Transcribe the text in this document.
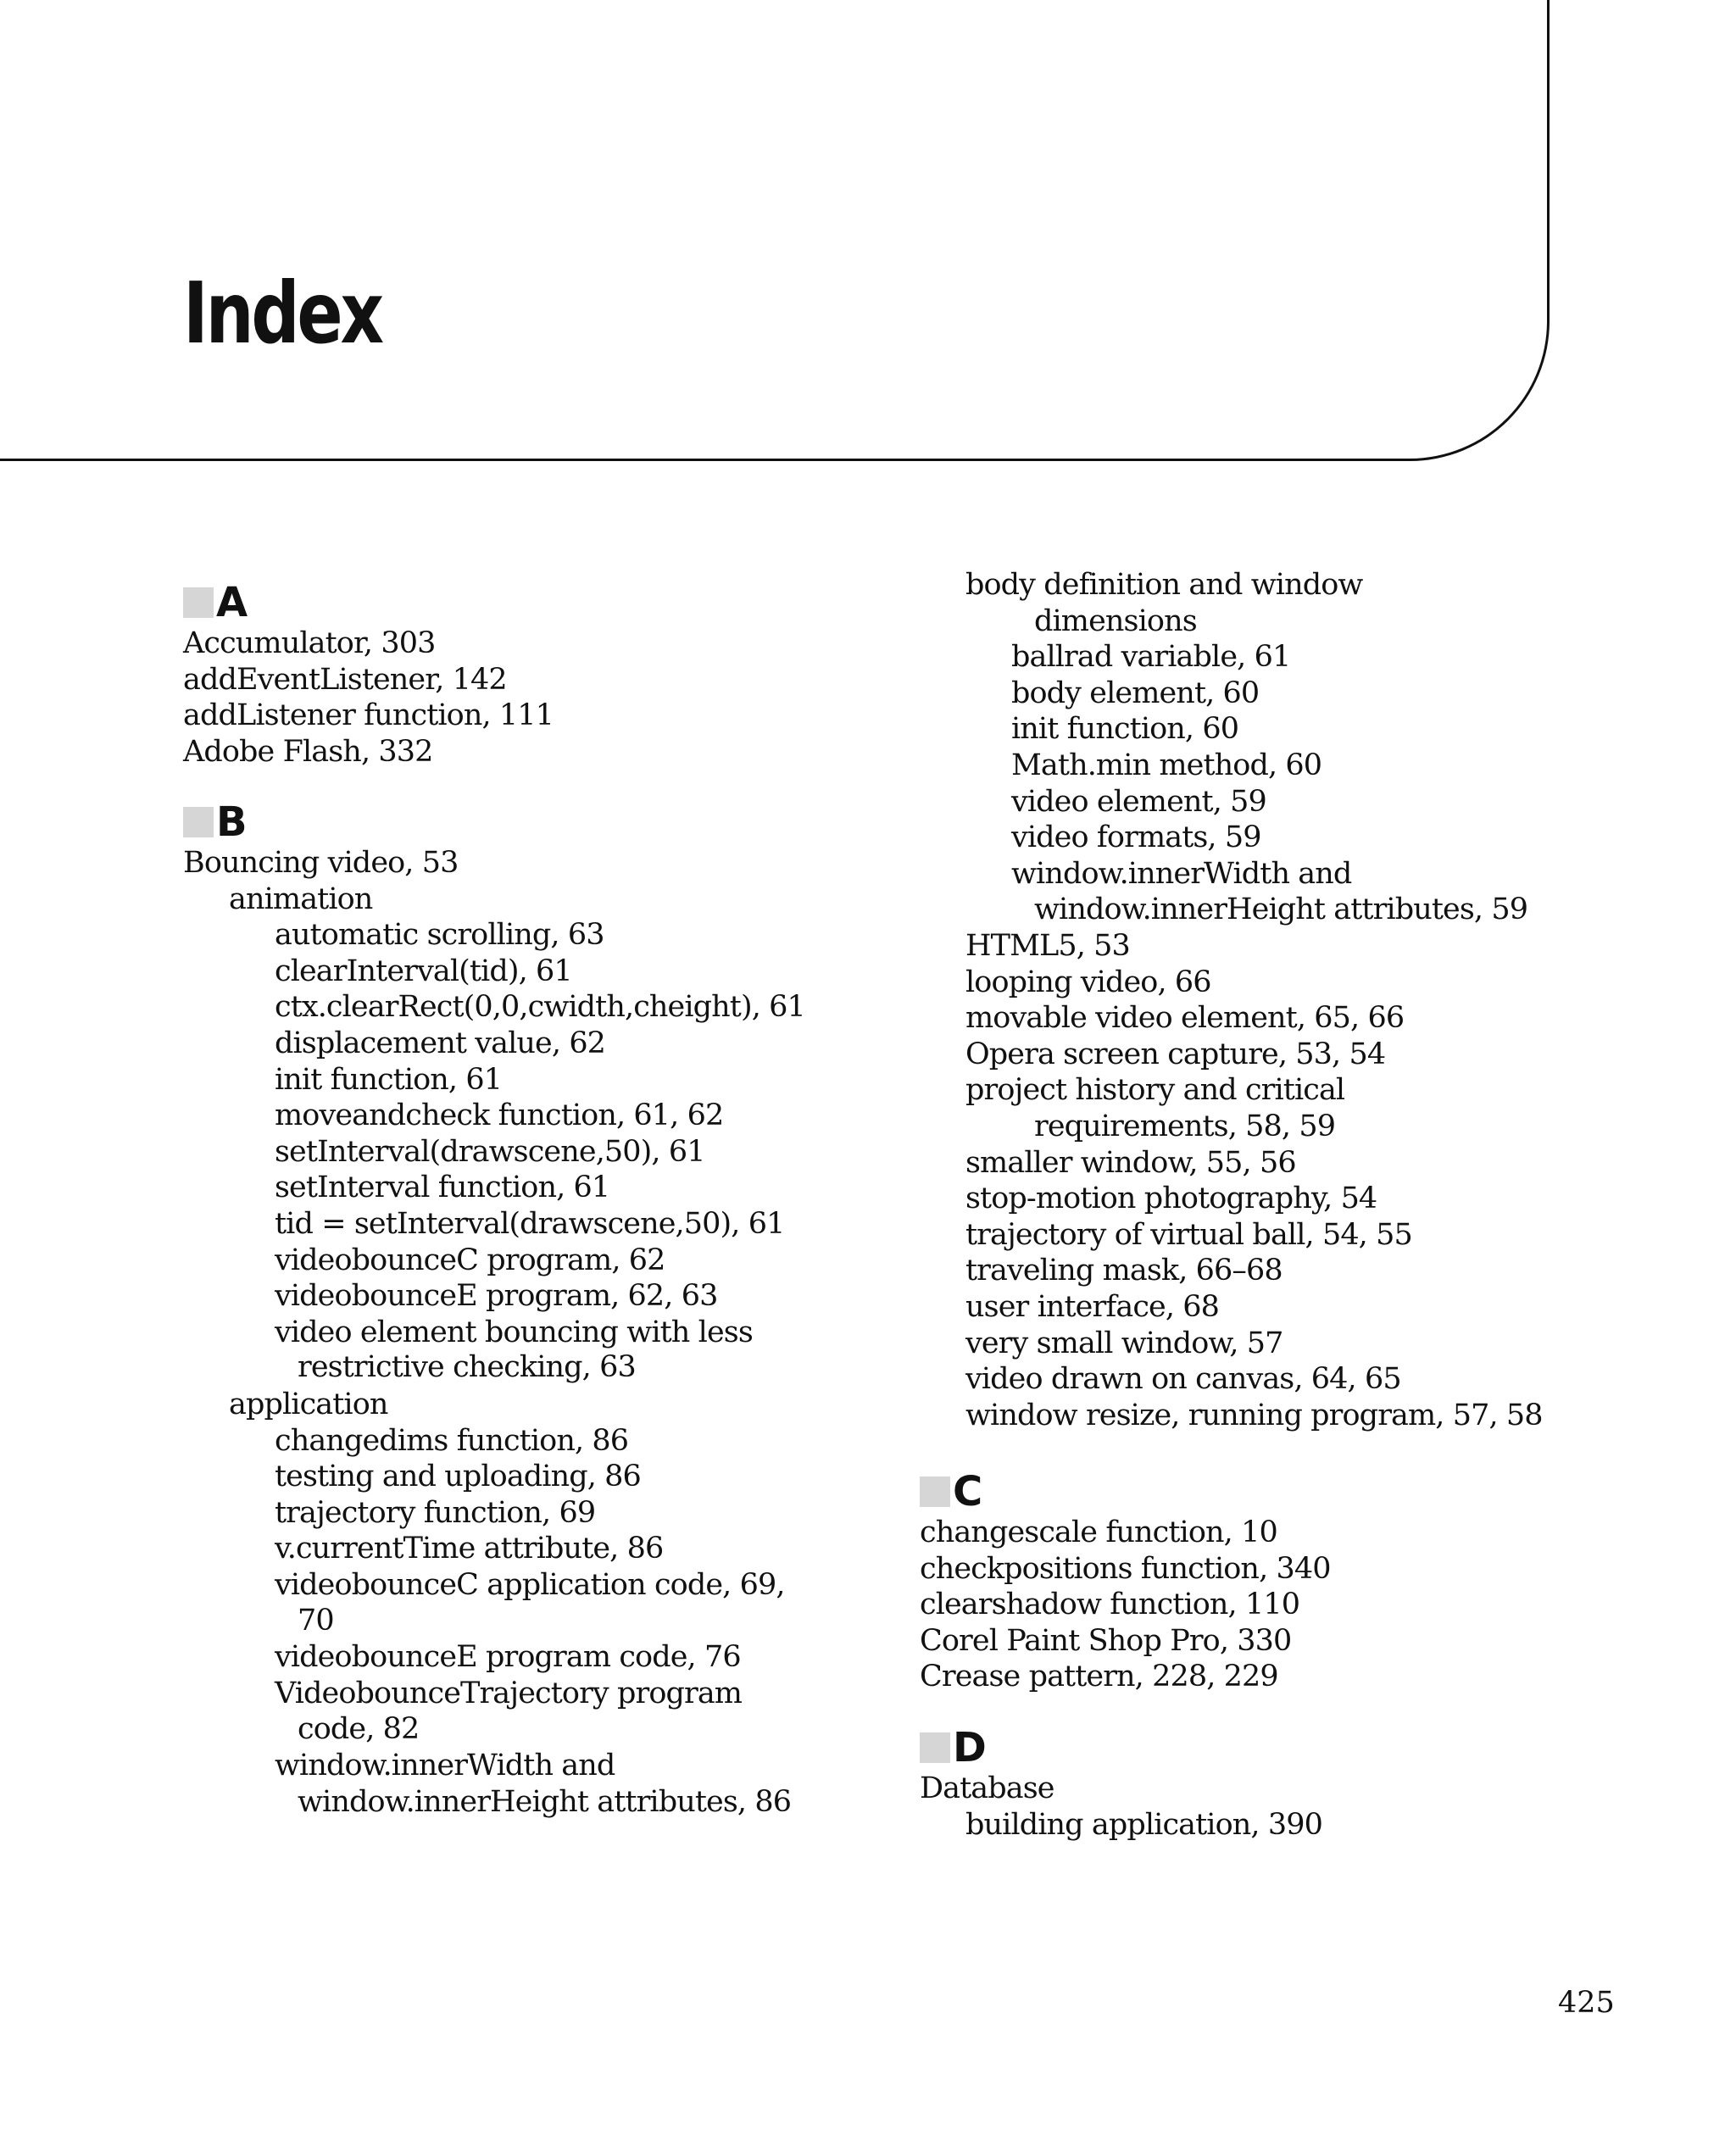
Index
A
B
C
D
Accumulator, 303
addEventListener, 142
addListener function, 111
Adobe Flash, 332
Bouncing video, 53
animation
automatic scrolling, 63
clearInterval(tid), 61
ctx.clearRect(0,0,cwidth,cheight), 61
displacement value, 62
init function, 61
moveandcheck function, 61, 62
setInterval(drawscene,50), 61
setInterval function, 61
tid = setInterval(drawscene,50), 61
videobounceC program, 62
videobounceE program, 62, 63
video element bouncing with less
restrictive checking, 63
application
changedims function, 86
testing and uploading, 86
trajectory function, 69
v.currentTime attribute, 86
videobounceC application code, 69,
70
videobounceE program code, 76
VideobounceTrajectory program
code, 82
window.innerWidth and
window.innerHeight attributes, 86
body definition and window
dimensions
ballrad variable, 61
body element, 60
init function, 60
Math.min method, 60
video element, 59
video formats, 59
window.innerWidth and
window.innerHeight attributes, 59
HTML5, 53
looping video, 66
movable video element, 65, 66
Opera screen capture, 53, 54
project history and critical
requirements, 58, 59
smaller window, 55, 56
stop-motion photography, 54
trajectory of virtual ball, 54, 55
traveling mask, 66–68
user interface, 68
very small window, 57
video drawn on canvas, 64, 65
window resize, running program, 57, 58
changescale function, 10
checkpositions function, 340
clearshadow function, 110
Corel Paint Shop Pro, 330
Crease pattern, 228, 229
Database
building application, 390
425
